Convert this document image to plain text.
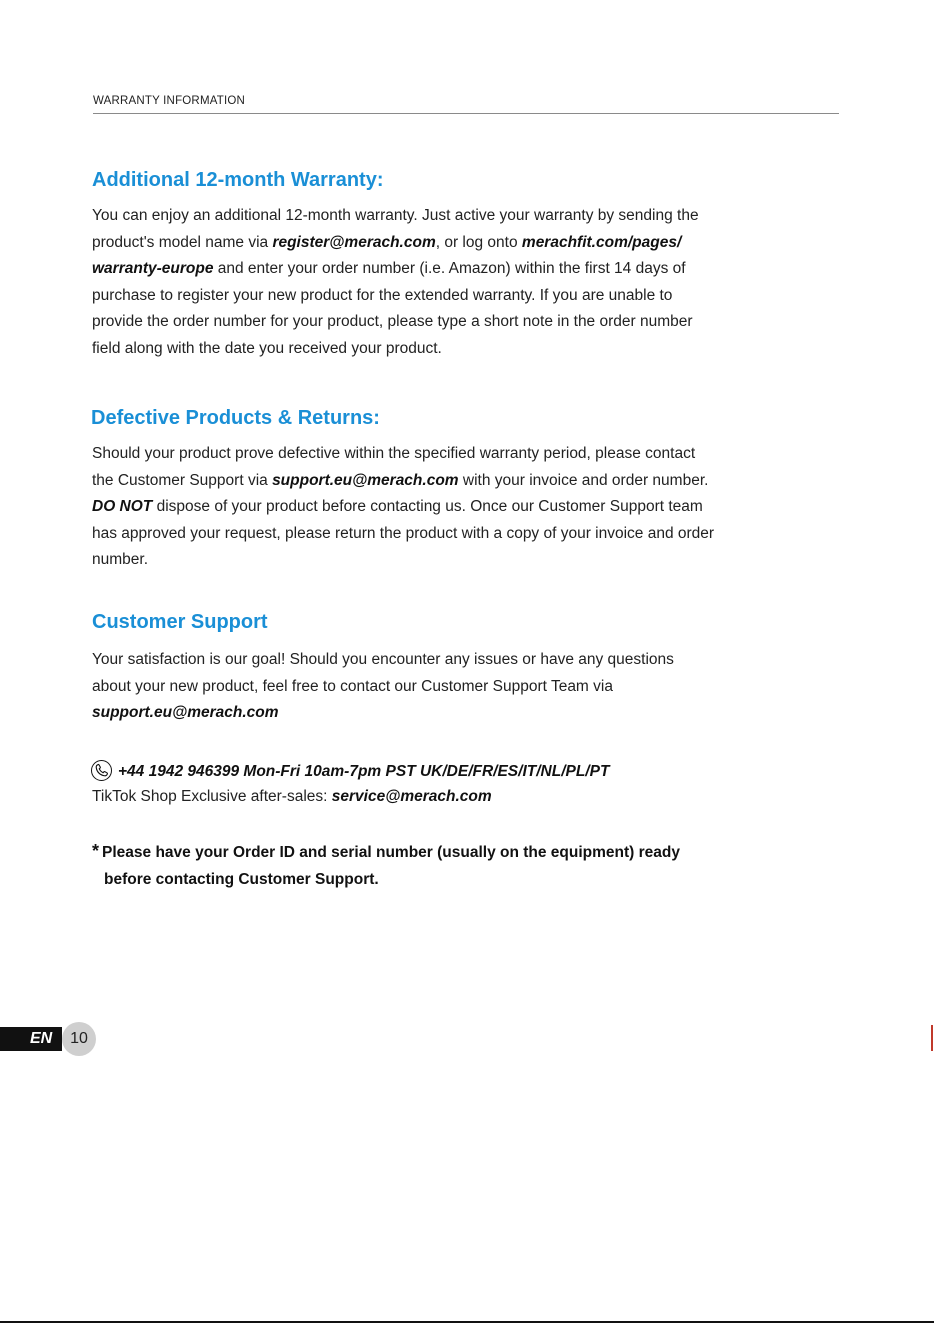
WARRANTY INFORMATION
Additional 12-month Warranty:

You can enjoy an additional 12-month warranty. Just active your warranty by sending the
product's model name via register@merach.com, or log onto merachfit.com/pages/
warranty-europe and enter your order number (i.e. Amazon) within the first 14 days of
purchase to register your new product for the extended warranty. If you are unable to
provide the order number for your product, please type a short note in the order number
field along with the date you received your product.

Defective Products & Returns:

Should your product prove defective within the specified warranty period, please contact
the Customer Support via support.eu@merach.com with your invoice and order number.
DO NOT dispose of your product before contacting us. Once our Customer Support team
has approved your request, please return the product with a copy of your invoice and order
number.

Customer Support

Your satisfaction is our goal! Should you encounter any issues or have any questions
about your new product, feel free to contact our Customer Support Team via
support.eu@merach.com

+44 1942 946399 Mon-Fri 10am-7pm PST UK/DE/FR/ES/IT/NL/PL/PT
TikTok Shop Exclusive after-sales: service@merach.com
* Please have your Order ID and serial number (usually on the equipment) ready
before contacting Customer Support.
EN	10
